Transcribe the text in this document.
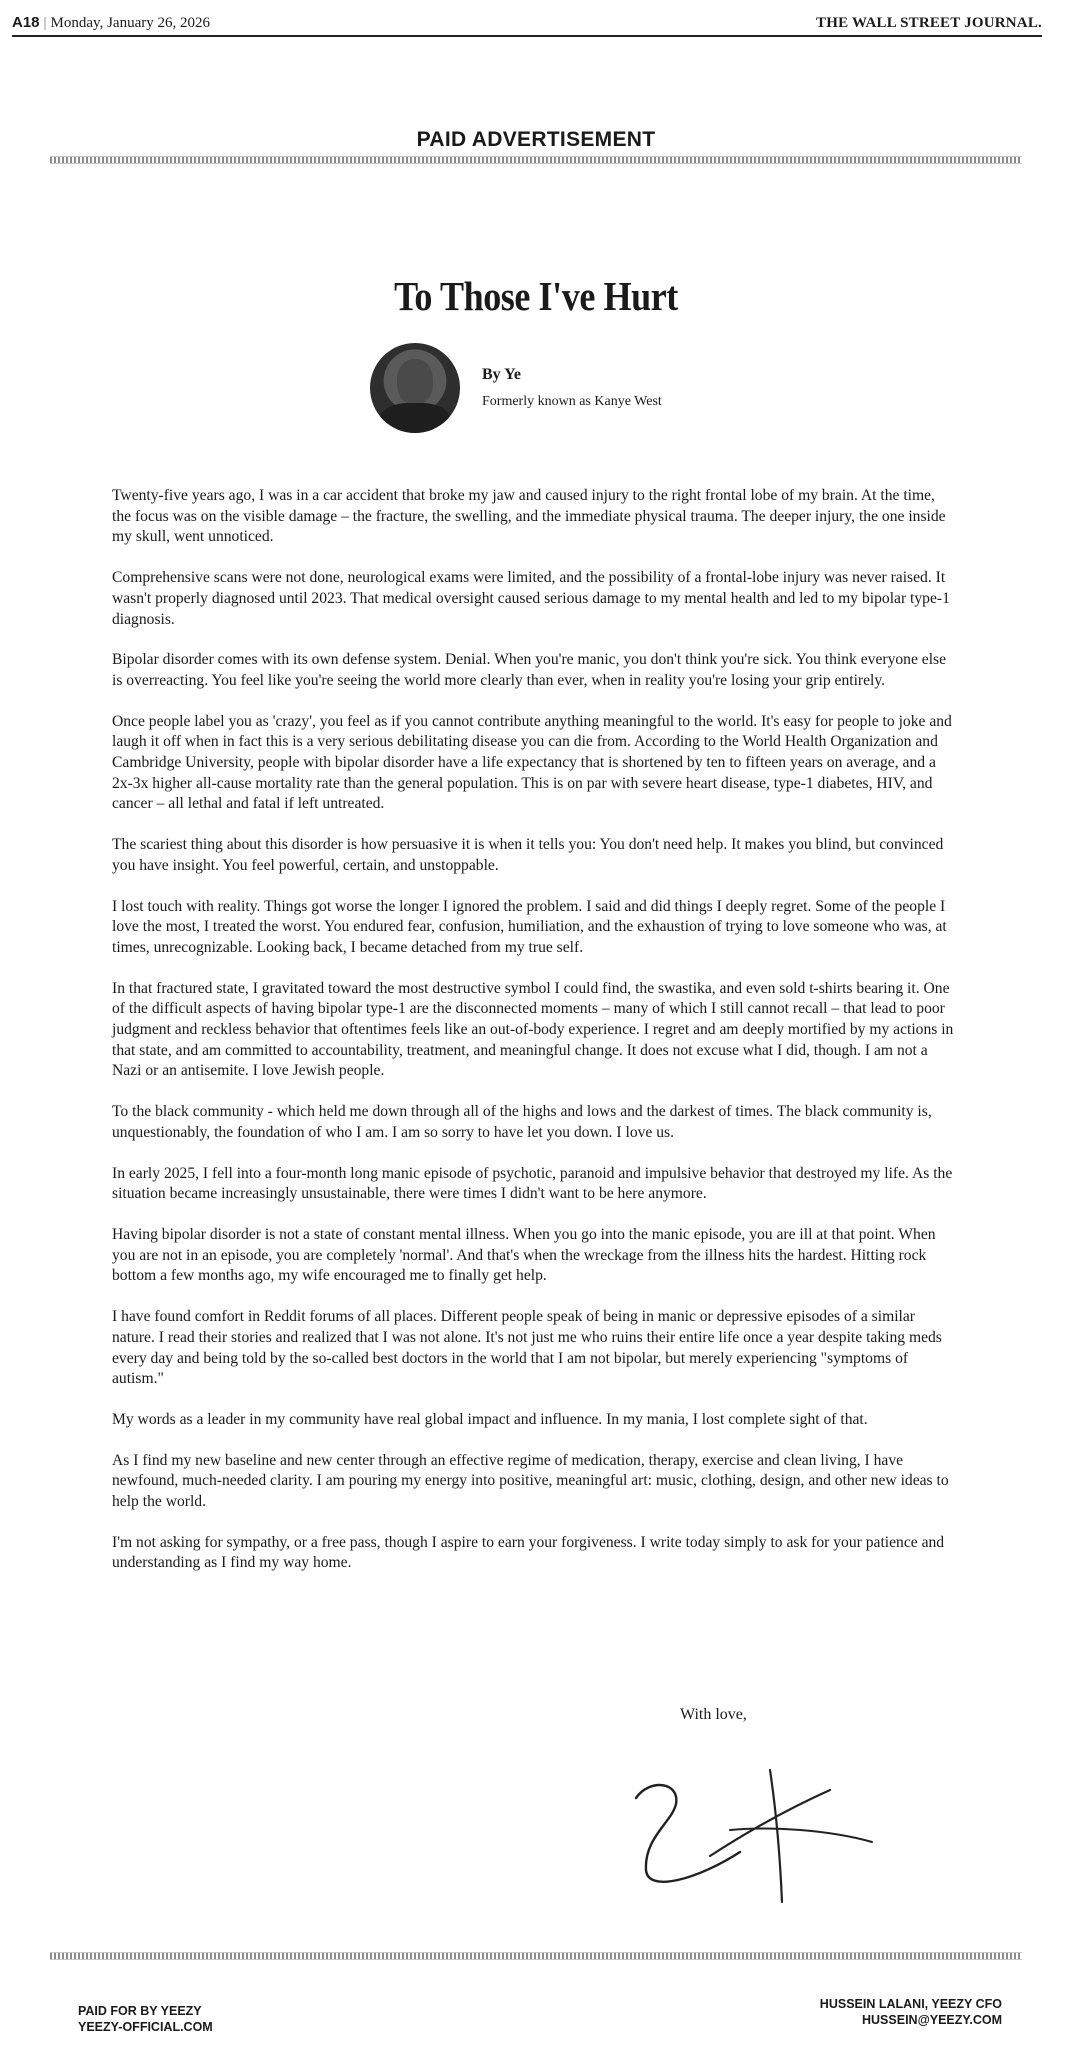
A18 | Monday, January 26, 2026	THE WALL STREET JOURNAL.
PAID ADVERTISEMENT
To Those I've Hurt
By Ye
Formerly known as Kanye West

Twenty-five years ago, I was in a car accident that broke my jaw and caused injury to the right frontal lobe of my brain. At the time, the focus was on the visible damage – the fracture, the swelling, and the immediate physical trauma. The deeper injury, the one inside my skull, went unnoticed.

Comprehensive scans were not done, neurological exams were limited, and the possibility of a frontal-lobe injury was never raised. It wasn't properly diagnosed until 2023. That medical oversight caused serious damage to my mental health and led to my bipolar type-1 diagnosis.

Bipolar disorder comes with its own defense system. Denial. When you're manic, you don't think you're sick. You think everyone else is overreacting. You feel like you're seeing the world more clearly than ever, when in reality you're losing your grip entirely.

Once people label you as 'crazy', you feel as if you cannot contribute anything meaningful to the world. It's easy for people to joke and laugh it off when in fact this is a very serious debilitating disease you can die from. According to the World Health Organization and Cambridge University, people with bipolar disorder have a life expectancy that is shortened by ten to fifteen years on average, and a 2x-3x higher all-cause mortality rate than the general population. This is on par with severe heart disease, type-1 diabetes, HIV, and cancer – all lethal and fatal if left untreated.

The scariest thing about this disorder is how persuasive it is when it tells you: You don't need help. It makes you blind, but convinced you have insight. You feel powerful, certain, and unstoppable.

I lost touch with reality. Things got worse the longer I ignored the problem. I said and did things I deeply regret. Some of the people I love the most, I treated the worst. You endured fear, confusion, humiliation, and the exhaustion of trying to love someone who was, at times, unrecognizable. Looking back, I became detached from my true self.

In that fractured state, I gravitated toward the most destructive symbol I could find, the swastika, and even sold t-shirts bearing it. One of the difficult aspects of having bipolar type-1 are the disconnected moments – many of which I still cannot recall – that lead to poor judgment and reckless behavior that oftentimes feels like an out-of-body experience. I regret and am deeply mortified by my actions in that state, and am committed to accountability, treatment, and meaningful change. It does not excuse what I did, though. I am not a Nazi or an antisemite. I love Jewish people.

To the black community - which held me down through all of the highs and lows and the darkest of times. The black community is, unquestionably, the foundation of who I am. I am so sorry to have let you down. I love us.

In early 2025, I fell into a four-month long manic episode of psychotic, paranoid and impulsive behavior that destroyed my life. As the situation became increasingly unsustainable, there were times I didn't want to be here anymore.

Having bipolar disorder is not a state of constant mental illness. When you go into the manic episode, you are ill at that point. When you are not in an episode, you are completely 'normal'. And that's when the wreckage from the illness hits the hardest. Hitting rock bottom a few months ago, my wife encouraged me to finally get help.

I have found comfort in Reddit forums of all places. Different people speak of being in manic or depressive episodes of a similar nature. I read their stories and realized that I was not alone. It's not just me who ruins their entire life once a year despite taking meds every day and being told by the so-called best doctors in the world that I am not bipolar, but merely experiencing "symptoms of autism."

My words as a leader in my community have real global impact and influence. In my mania, I lost complete sight of that.

As I find my new baseline and new center through an effective regime of medication, therapy, exercise and clean living, I have newfound, much-needed clarity. I am pouring my energy into positive, meaningful art: music, clothing, design, and other new ideas to help the world.

I'm not asking for sympathy, or a free pass, though I aspire to earn your forgiveness. I write today simply to ask for your patience and understanding as I find my way home.

With love,
PAID FOR BY YEEZY
YEEZY-OFFICIAL.COM
HUSSEIN LALANI, YEEZY CFO
HUSSEIN@YEEZY.COM
